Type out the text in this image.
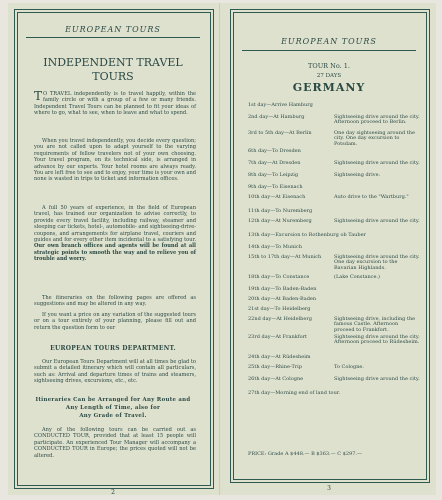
EUROPEAN TOURS
INDEPENDENT TRAVEL
TOURS
T O TRAVEL independently is to travel happily, within the family circle or with a group of a few or many friends. Independent Travel Tours can be planned to fit your ideas of where to go, what to see, when to leave and what to spend.
When you travel independently, you decide every question; you are not called upon to adapt yourself to the varying requirements of fellow travelers not of your own choosing. Your travel program, on its technical side, is arranged in advance by our experts. Your hotel rooms are always ready. You are left free to see and to enjoy, your time is your own and none is wasted in trips to ticket and information offices.
A full 50 years of experience, in the field of European travel, has trained our organization to advise correctly, to provide every travel facility, including railway, steamer and sleeping car tickets, hotel-, automobile- and sightseeing-drive-coupons, and arrangements for airplane travel, couriers and guides and for every other item incidental to a satisfying tour. Our own branch offices and agents will be found at all strategic points to smooth the way and to relieve you of trouble and worry.
The itineraries on the following pages are offered as suggestions and may be altered in any way.
If you want a price on any variation of the suggested tours or on a tour entirely of your planning, please fill out and return the question form to our
EUROPEAN TOURS DEPARTMENT.
Our European Tours Department will at all times be glad to submit a detailed itinerary which will contain all particulars, such as: Arrival and departure times of trains and steamers, sightseeing drives, excursions, etc., etc.
Itineraries Can be Arranged for Any Route and
Any Length of Time, also for
Any Grade of Travel.
Any of the following tours can be carried out as CONDUCTED TOUR, provided that at least 15 people will participate. An experienced Tour Manager will accompany a CONDUCTED TOUR in Europe; the prices quoted will not be altered.
2
EUROPEAN TOURS
TOUR No. 1.
27 DAYS
GERMANY
1st day—Arrive Hamburg
2nd day—At Hamburg	Sightseeing drive around the city. Afternoon proceed to Berlin.
3rd to 5th day—At Berlin	One day sightseeing around the city. One day excursion to Potsdam.
6th day—To Dresden
7th day—At Dresden	Sightseeing drive around the city.
8th day—To Leipzig	Sightseeing drive.
9th day—To Eisenach
10th day—At Eisenach	Auto drive to the "Wartburg."
11th day—To Nuremberg
12th day—At Nuremberg	Sightseeing drive around the city.
13th day—Excursion to Rothenburg ob Tauber
14th day—To Munich
15th to 17th day—At Munich	Sightseeing drive around the city. One day excursion to the Bavarian Highlands.
18th day—To Constance	(Lake Constance.)
19th day—To Baden-Baden
20th day—At Baden-Baden
21st day—To Heidelberg
22nd day—At Heidelberg	Sightseeing drive, including the famous Castle. Afternoon proceed to Frankfort.
23rd day—At Frankfort	Sightseeing drive around the city. Afternoon proceed to Rüdesheim.
24th day—At Rüdesheim
25th day—Rhine-Trip	To Cologne.
26th day—At Cologne	Sightseeing drive around the city.
27th day—Morning end of land tour.
PRICE: Grade A $448.— B $363.— C $297.—
3
